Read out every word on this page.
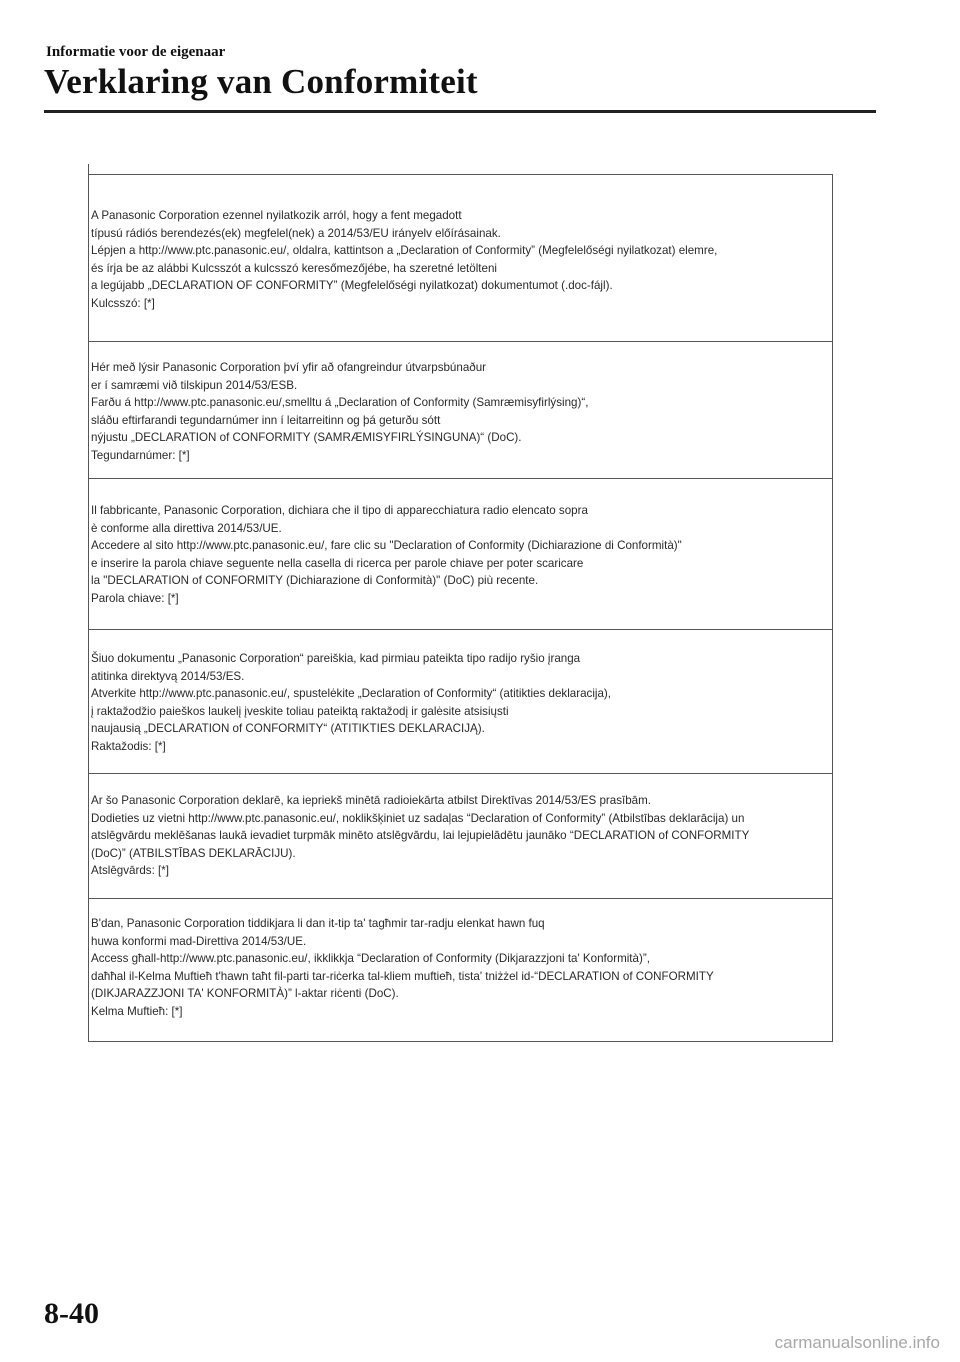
Informatie voor de eigenaar
Verklaring van Conformiteit
A Panasonic Corporation ezennel nyilatkozik arról, hogy a fent megadott
típusú rádiós berendezés(ek) megfelel(nek) a 2014/53/EU irányelv előírásainak.
Lépjen a http://www.ptc.panasonic.eu/, oldalra, kattintson a „Declaration of Conformity” (Megfelelőségi nyilatkozat) elemre,
és írja be az alábbi Kulcsszót a kulcsszó keresőmezőjébe, ha szeretné letölteni
a legújabb „DECLARATION OF CONFORMITY” (Megfelelőségi nyilatkozat) dokumentumot (.doc-fájl).
Kulcsszó: [*]
Hér með lýsir Panasonic Corporation því yfir að ofangreindur útvarpsbúnaður
er í samræmi við tilskipun 2014/53/ESB.
Farðu á http://www.ptc.panasonic.eu/,smelltu á „Declaration of Conformity (Samræmisyfirlýsing)“,
sláðu eftirfarandi tegundarnúmer inn í leitarreitinn og þá geturðu sótt
nýjustu „DECLARATION of CONFORMITY (SAMRÆMISYFIRLÝSINGUNA)“ (DoC).
Tegundarnúmer: [*]
Il fabbricante, Panasonic Corporation, dichiara che il tipo di apparecchiatura radio elencato sopra
è conforme alla direttiva 2014/53/UE.
Accedere al sito http://www.ptc.panasonic.eu/, fare clic su "Declaration of Conformity (Dichiarazione di Conformità)"
e inserire la parola chiave seguente nella casella di ricerca per parole chiave per poter scaricare
la "DECLARATION of CONFORMITY (Dichiarazione di Conformità)" (DoC) più recente.
Parola chiave: [*]
Šiuo dokumentu „Panasonic Corporation“ pareiškia, kad pirmiau pateikta tipo radijo ryšio įranga
atitinka direktyvą 2014/53/ES.
Atverkite http://www.ptc.panasonic.eu/, spustelėkite „Declaration of Conformity“ (atitikties deklaracija),
į raktažodžio paieškos laukelį įveskite toliau pateiktą raktažodį ir galėsite atsisiųsti
naujausią „DECLARATION of CONFORMITY“ (ATITIKTIES DEKLARACIJĄ).
Raktažodis: [*]
Ar šo Panasonic Corporation deklarē, ka iepriekš minētā radioiekārta atbilst Direktīvas 2014/53/ES prasībām.
Dodieties uz vietni http://www.ptc.panasonic.eu/, noklikšķiniet uz sadaļas “Declaration of Conformity” (Atbilstības deklarācija) un
atslēgvārdu meklēšanas laukā ievadiet turpmāk minēto atslēgvārdu, lai lejupielādētu jaunāko “DECLARATION of CONFORMITY
(DoC)” (ATBILSTĪBAS DEKLARĀCIJU).
Atslēgvārds: [*]
B'dan, Panasonic Corporation tiddikjara li dan it-tip ta' tagħmir tar-radju elenkat hawn fuq
huwa konformi mad-Direttiva 2014/53/UE.
Access għall-http://www.ptc.panasonic.eu/, ikklikkja “Declaration of Conformity (Dikjarazzjoni ta' Konformità)”,
daħħal il-Kelma Muftieħ t'hawn taħt fil-parti tar-riċerka tal-kliem muftieħ, tista' tniżżel id-“DECLARATION of CONFORMITY
(DIKJARAZZJONI TA' KONFORMITÀ)” l-aktar riċenti (DoC).
Kelma Muftieħ: [*]
8-40
carmanualsonline.info
